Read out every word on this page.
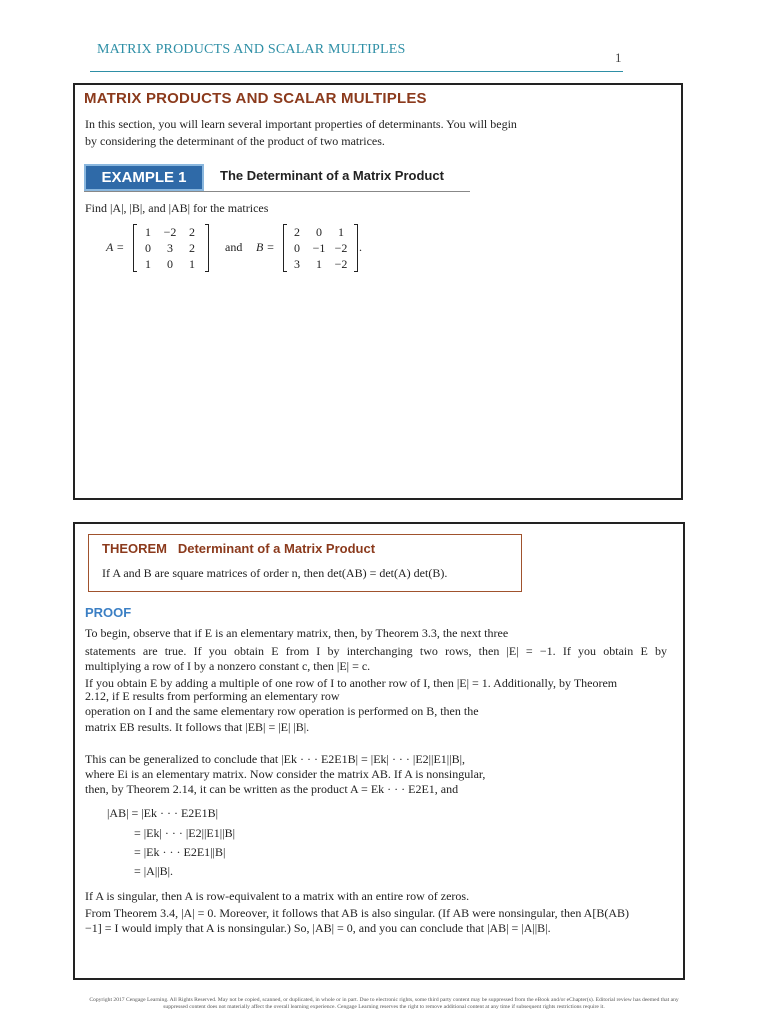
MATRIX PRODUCTS AND SCALAR MULTIPLES
1
MATRIX PRODUCTS AND SCALAR MULTIPLES
In this section, you will learn several important properties of determinants. You will begin by considering the determinant of the product of two matrices.
EXAMPLE 1	The Determinant of a Matrix Product
Find |A|, |B|, and |AB| for the matrices
A =
1	−2	2
0	3	2
1	0	1
and B =
2	0	1
0	−1 −2
3	1	−2
.
THEOREM Determinant of a Matrix Product
If A and B are square matrices of order n, then det(AB) = det(A) det(B).
PROOF
To begin, observe that if E is an elementary matrix, then, by Theorem 3.3, the next three
statements are true. If you obtain E from I by interchanging two rows, then |E| = −1. If you obtain E by
multiplying a row of I by a nonzero constant c, then |E| = c.
If you obtain E by adding a multiple of one row of I to another row of I, then |E| = 1. Additionally, by Theorem
2.12, if E results from performing an elementary row
operation on I and the same elementary row operation is performed on B, then the
matrix EB results. It follows that |EB| = |E| |B|.
This can be generalized to conclude that |Ek · · · E2E1B| = |Ek| · · · |E2||E1||B|,
where Ei is an elementary matrix. Now consider the matrix AB. If A is nonsingular,
then, by Theorem 2.14, it can be written as the product A = Ek · · · E2E1, and
|AB| = |Ek · · · E2E1B|
= |Ek| · · · |E2||E1||B|
= |Ek · · · E2E1||B|
= |A||B|.
If A is singular, then A is row-equivalent to a matrix with an entire row of zeros.
From Theorem 3.4, |A| = 0. Moreover, it follows that AB is also singular. (If AB were nonsingular, then A[B(AB)
−1] = I would imply that A is nonsingular.) So, |AB| = 0, and you can conclude that |AB| = |A||B|.
Copyright 2017 Cengage Learning. All Rights Reserved. May not be copied, scanned, or duplicated, in whole or in part. Due to electronic rights, some third party content may be suppressed from the eBook and/or eChapter(s). Editorial review has deemed that any suppressed content does not materially affect the overall learning experience. Cengage Learning reserves the right to remove additional content at any time if subsequent rights restrictions require it.
